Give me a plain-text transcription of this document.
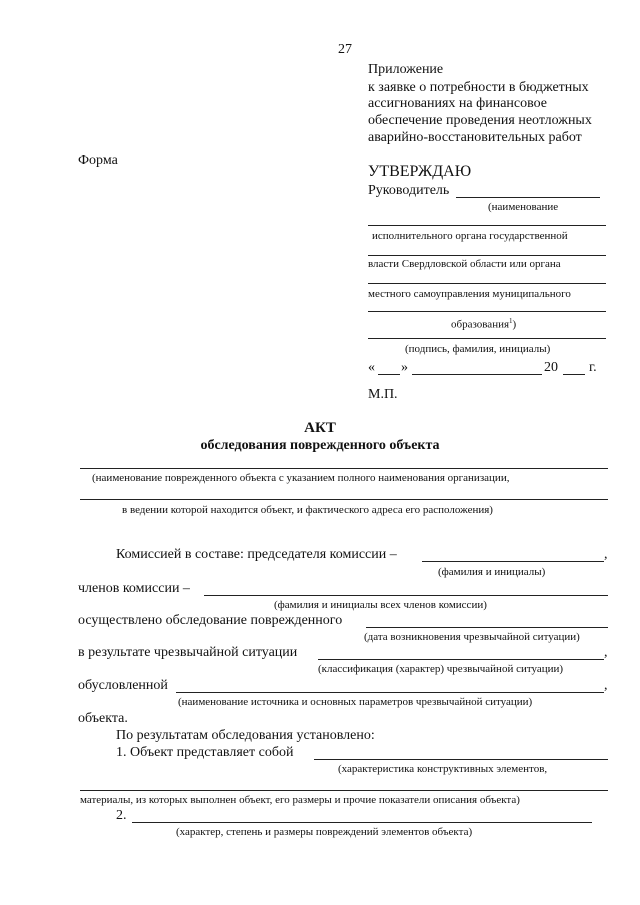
27
Приложение
к заявке о потребности в бюджетных
ассигнованиях на финансовое
обеспечение проведения неотложных
аварийно-восстановительных работ
Форма
УТВЕРЖДАЮ
Руководитель
(наименование
исполнительного органа государственной
власти Свердловской области или органа
местного самоуправления муниципального
образования$^1$)
(подпись, фамилия, инициалы)
« »	20 г.
М.П.
АКТ
обследования поврежденного объекта
(наименование поврежденного объекта с указанием полного наименования организации,
в ведении которой находится объект, и фактического адреса его расположения)
Комиссией в составе: председателя комиссии –	,
(фамилия и инициалы)
членов комиссии –
(фамилия и инициалы всех членов комиссии)
осуществлено обследование поврежденного
(дата возникновения чрезвычайной ситуации)
в результате чрезвычайной ситуации	,
(классификация (характер) чрезвычайной ситуации)
обусловленной	,
(наименование источника и основных параметров чрезвычайной ситуации)
объекта.
По результатам обследования установлено:
1. Объект представляет собой
(характеристика конструктивных элементов,
материалы, из которых выполнен объект, его размеры и прочие показатели описания объекта)
2.
(характер, степень и размеры повреждений элементов объекта)
